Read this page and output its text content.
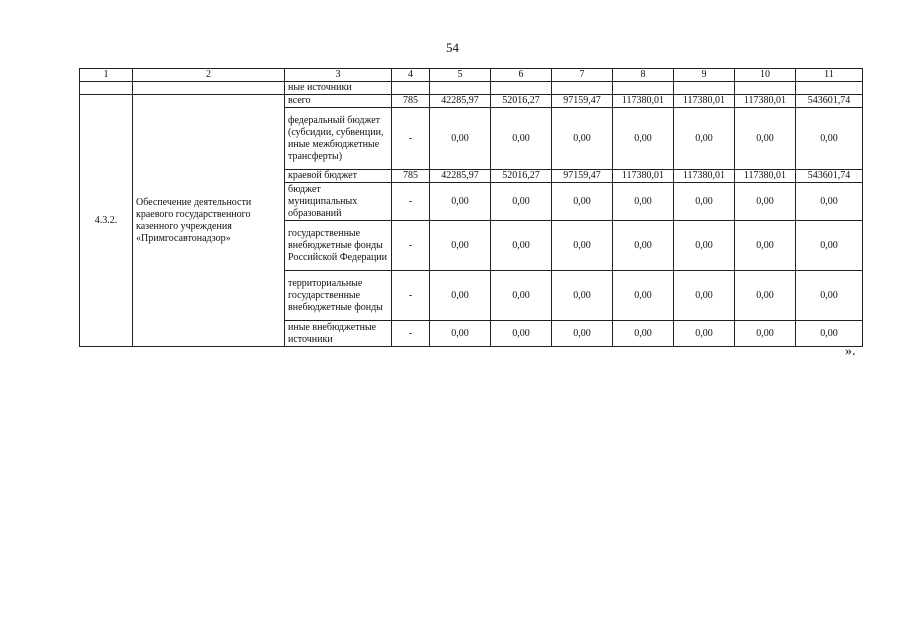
54
1	2	3	4	5	6	7	8	9	10	11
		ные источники								
4.3.2.	Обеспечение деятельности краевого государственного казенного учреждения «Примгосавтонадзор»	всего	785	42285,97	52016,27	97159,47	117380,01	117380,01	117380,01	543601,74
		федеральный бюджет (субсидии, субвенции, иные межбюджетные трансферты)	-	0,00	0,00	0,00	0,00	0,00	0,00	0,00
		краевой бюджет	785	42285,97	52016,27	97159,47	117380,01	117380,01	117380,01	543601,74
		бюджет муниципальных образований	-	0,00	0,00	0,00	0,00	0,00	0,00	0,00
		государственные внебюджетные фонды Российской Федерации	-	0,00	0,00	0,00	0,00	0,00	0,00	0,00
		территориальные государственные внебюджетные фонды	-	0,00	0,00	0,00	0,00	0,00	0,00	0,00
		иные внебюджетные источники	-	0,00	0,00	0,00	0,00	0,00	0,00	0,00
».
